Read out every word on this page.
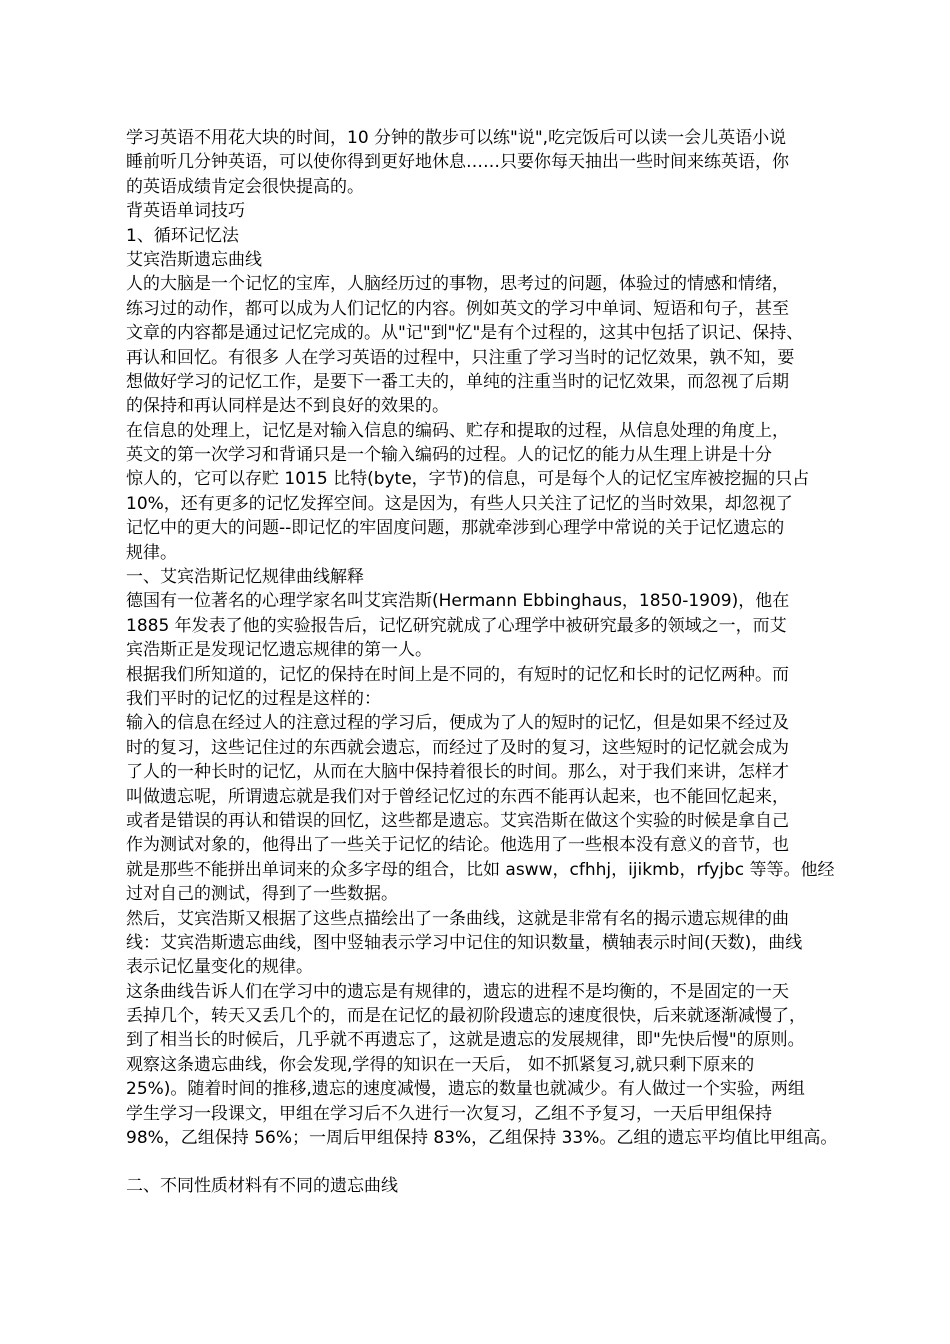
学习英语不用花大块的时间，10 分钟的散步可以练"说",吃完饭后可以读一会儿英语小说
睡前听几分钟英语，可以使你得到更好地休息……只要你每天抽出一些时间来练英语，你
的英语成绩肯定会很快提高的。
背英语单词技巧
1、循环记忆法
艾宾浩斯遗忘曲线
人的大脑是一个记忆的宝库，人脑经历过的事物，思考过的问题，体验过的情感和情绪，
练习过的动作，都可以成为人们记忆的内容。例如英文的学习中单词、短语和句子，甚至
文章的内容都是通过记忆完成的。从"记"到"忆"是有个过程的，这其中包括了识记、保持、
再认和回忆。有很多 人在学习英语的过程中，只注重了学习当时的记忆效果，孰不知，要
想做好学习的记忆工作，是要下一番工夫的，单纯的注重当时的记忆效果，而忽视了后期
的保持和再认同样是达不到良好的效果的。
在信息的处理上，记忆是对输入信息的编码、贮存和提取的过程，从信息处理的角度上，
英文的第一次学习和背诵只是一个输入编码的过程。人的记忆的能力从生理上讲是十分
惊人的，它可以存贮 1015 比特(byte，字节)的信息，可是每个人的记忆宝库被挖掘的只占
10%，还有更多的记忆发挥空间。这是因为，有些人只关注了记忆的当时效果，却忽视了
记忆中的更大的问题--即记忆的牢固度问题，那就牵涉到心理学中常说的关于记忆遗忘的
规律。
一、艾宾浩斯记忆规律曲线解释
德国有一位著名的心理学家名叫艾宾浩斯(Hermann Ebbinghaus，1850-1909)，他在
1885 年发表了他的实验报告后，记忆研究就成了心理学中被研究最多的领域之一，而艾
宾浩斯正是发现记忆遗忘规律的第一人。
根据我们所知道的，记忆的保持在时间上是不同的，有短时的记忆和长时的记忆两种。而
我们平时的记忆的过程是这样的：
输入的信息在经过人的注意过程的学习后，便成为了人的短时的记忆，但是如果不经过及
时的复习，这些记住过的东西就会遗忘，而经过了及时的复习，这些短时的记忆就会成为
了人的一种长时的记忆，从而在大脑中保持着很长的时间。那么，对于我们来讲，怎样才
叫做遗忘呢，所谓遗忘就是我们对于曾经记忆过的东西不能再认起来，也不能回忆起来，
或者是错误的再认和错误的回忆，这些都是遗忘。艾宾浩斯在做这个实验的时候是拿自己
作为测试对象的，他得出了一些关于记忆的结论。他选用了一些根本没有意义的音节，也
就是那些不能拼出单词来的众多字母的组合，比如 asww，cfhhj，ijikmb，rfyjbc 等等。他经
过对自己的测试，得到了一些数据。
然后，艾宾浩斯又根据了这些点描绘出了一条曲线，这就是非常有名的揭示遗忘规律的曲
线：艾宾浩斯遗忘曲线，图中竖轴表示学习中记住的知识数量，横轴表示时间(天数)，曲线
表示记忆量变化的规律。
这条曲线告诉人们在学习中的遗忘是有规律的，遗忘的进程不是均衡的，不是固定的一天
丢掉几个，转天又丢几个的，而是在记忆的最初阶段遗忘的速度很快，后来就逐渐减慢了，
到了相当长的时候后，几乎就不再遗忘了，这就是遗忘的发展规律，即"先快后慢"的原则。
观察这条遗忘曲线，你会发现,学得的知识在一天后， 如不抓紧复习,就只剩下原来的
25%)。随着时间的推移,遗忘的速度减慢，遗忘的数量也就减少。有人做过一个实验，两组
学生学习一段课文，甲组在学习后不久进行一次复习，乙组不予复习，一天后甲组保持
98%，乙组保持 56%；一周后甲组保持 83%，乙组保持 33%。乙组的遗忘平均值比甲组高。
二、不同性质材料有不同的遗忘曲线
